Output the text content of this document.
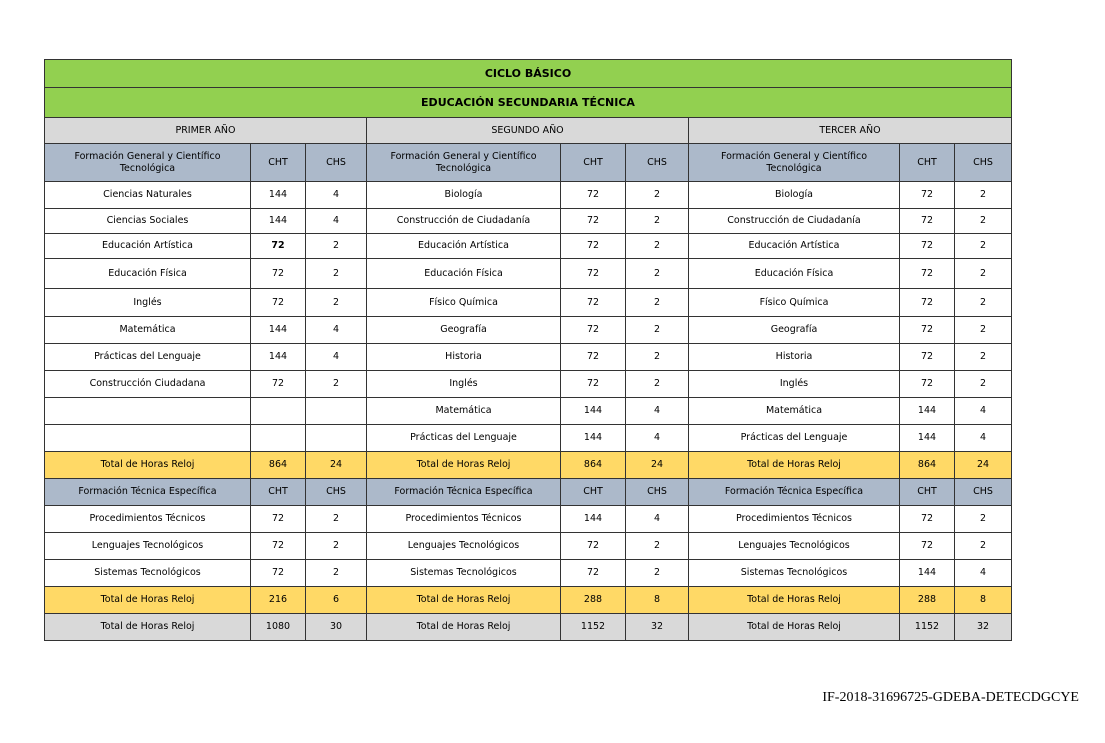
CICLO BÁSICO								
EDUCACIÓN SECUNDARIA TÉCNICA								
PRIMER AÑO			SEGUNDO AÑO			TERCER AÑO		
Formación General y Científico Tecnológica	CHT	CHS	Formación General y Científico Tecnológica	CHT	CHS	Formación General y Científico Tecnológica	CHT	CHS
Ciencias Naturales	144	4	Biología	72	2	Biología	72	2
Ciencias Sociales	144	4	Construcción de Ciudadanía	72	2	Construcción de Ciudadanía	72	2
Educación Artística	72	2	Educación Artística	72	2	Educación Artística	72	2
Educación Física	72	2	Educación Física	72	2	Educación Física	72	2
Inglés	72	2	Físico Química	72	2	Físico Química	72	2
Matemática	144	4	Geografía	72	2	Geografía	72	2
Prácticas del Lenguaje	144	4	Historia	72	2	Historia	72	2
Construcción Ciudadana	72	2	Inglés	72	2	Inglés	72	2
			Matemática	144	4	Matemática	144	4
			Prácticas del Lenguaje	144	4	Prácticas del Lenguaje	144	4
Total de Horas Reloj	864	24	Total de Horas Reloj	864	24	Total de Horas Reloj	864	24
Formación Técnica Específica	CHT	CHS	Formación Técnica Específica	CHT	CHS	Formación Técnica Específica	CHT	CHS
Procedimientos Técnicos	72	2	Procedimientos Técnicos	144	4	Procedimientos Técnicos	72	2
Lenguajes Tecnológicos	72	2	Lenguajes Tecnológicos	72	2	Lenguajes Tecnológicos	72	2
Sistemas Tecnológicos	72	2	Sistemas Tecnológicos	72	2	Sistemas Tecnológicos	144	4
Total de Horas Reloj	216	6	Total de Horas Reloj	288	8	Total de Horas Reloj	288	8
Total de Horas Reloj	1080	30	Total de Horas Reloj	1152	32	Total de Horas Reloj	1152	32
IF-2018-31696725-GDEBA-DETECDGCYE
